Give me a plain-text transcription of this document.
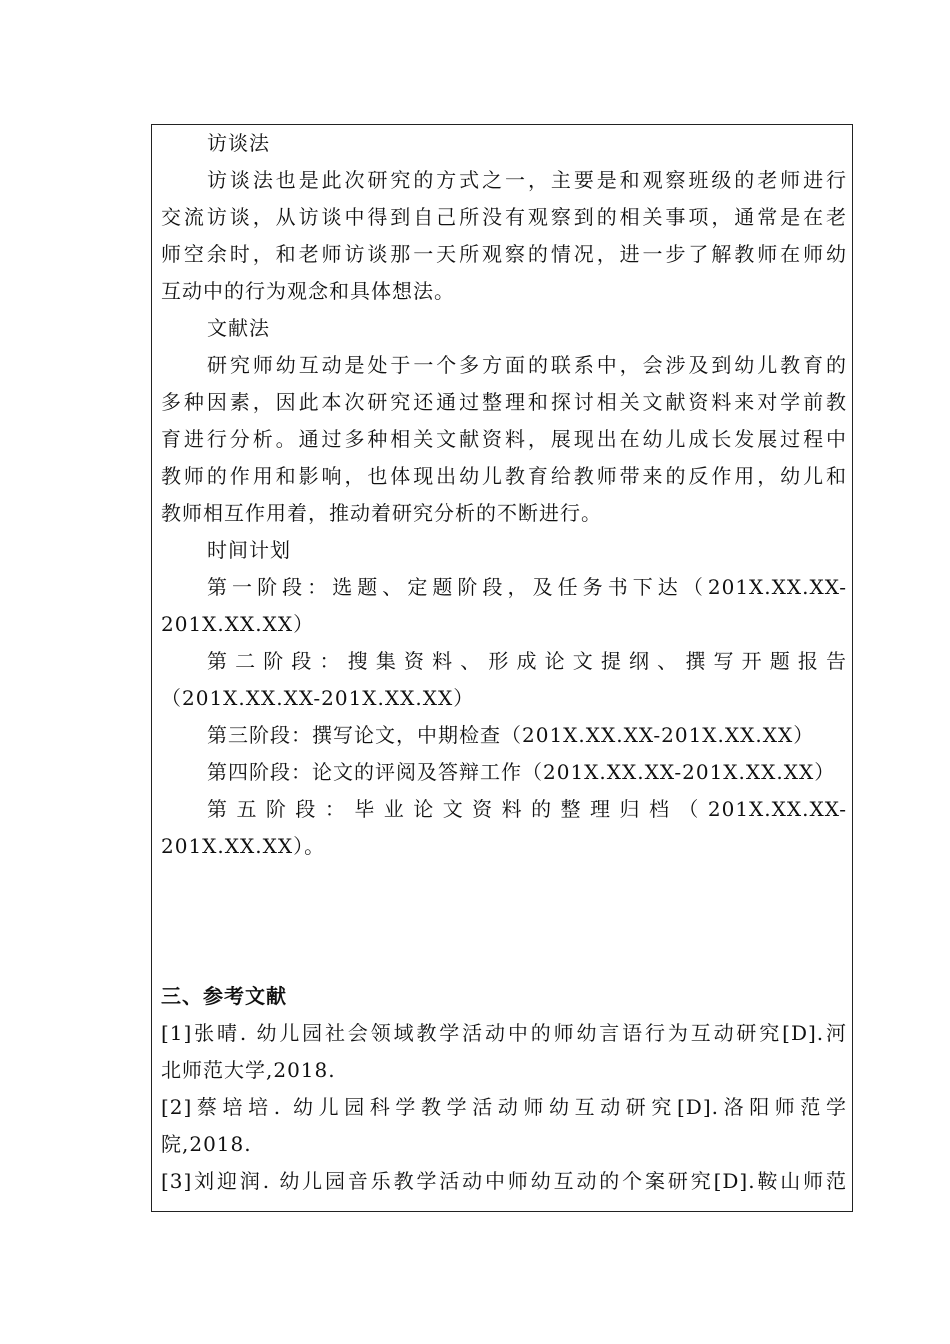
访谈法
访谈法也是此次研究的方式之一，主要是和观察班级的老师进行
交流访谈，从访谈中得到自己所没有观察到的相关事项，通常是在老
师空余时，和老师访谈那一天所观察的情况，进一步了解教师在师幼
互动中的行为观念和具体想法。
文献法
研究师幼互动是处于一个多方面的联系中，会涉及到幼儿教育的
多种因素，因此本次研究还通过整理和探讨相关文献资料来对学前教
育进行分析。通过多种相关文献资料，展现出在幼儿成长发展过程中
教师的作用和影响，也体现出幼儿教育给教师带来的反作用，幼儿和
教师相互作用着，推动着研究分析的不断进行。
时间计划
第一阶段：选题、定题阶段，及任务书下达（201X.XX.XX-
201X.XX.XX）
第二阶段：搜集资料、形成论文提纲、撰写开题报告
（201X.XX.XX-201X.XX.XX）
第三阶段：撰写论文，中期检查（201X.XX.XX-201X.XX.XX）
第四阶段：论文的评阅及答辩工作（201X.XX.XX-201X.XX.XX）
第五阶段：毕业论文资料的整理归档（201X.XX.XX-
201X.XX.XX）。
三、参考文献
[1]张晴. 幼儿园社会领域教学活动中的师幼言语行为互动研究[D].河
北师范大学,2018.
[2]蔡培培. 幼儿园科学教学活动师幼互动研究[D].洛阳师范学
院,2018.
[3]刘迎润. 幼儿园音乐教学活动中师幼互动的个案研究[D].鞍山师范
